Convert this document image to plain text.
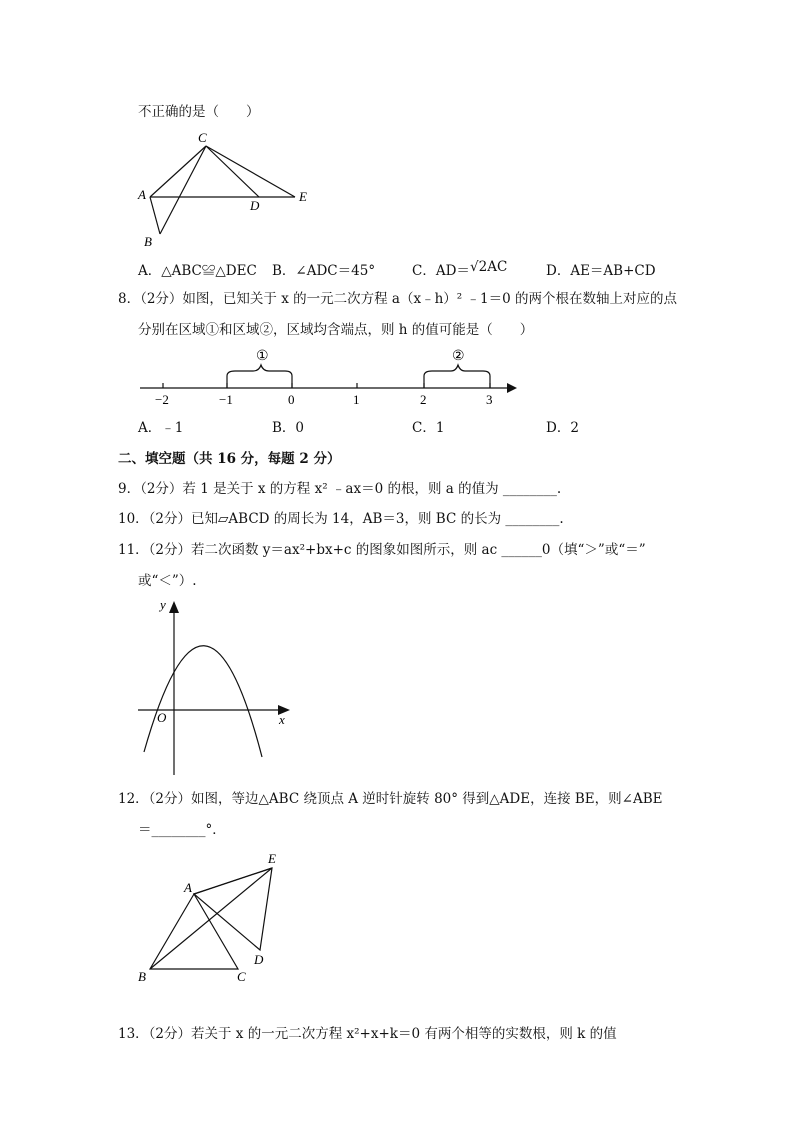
不正确的是（　　）
C
A
D
E
B
A．△ABC≌△DEC B．∠ADC＝45°	C．AD＝ √2AC	D．AE＝AB+CD
8．（2分）如图，已知关于 x 的一元二次方程 a（x﹣h）² ﹣1＝0 的两个根在数轴上对应的点
分别在区域①和区域②，区域均含端点，则 h 的值可能是（　　）
①	②
−2	−1	0	1	2	3
A．﹣1	B．0	C．1	D．2
二、填空题（共 16 分，每题 2 分）
9．（2分）若 1 是关于 x 的方程 x² ﹣ax＝0 的根，则 a 的值为 ________.
10．（2分）已知▱ABCD 的周长为 14，AB＝3，则 BC 的长为 ________.
11．（2分）若二次函数 y＝ax²+bx+c 的图象如图所示，则 ac ______0（填“＞”或“＝”
或“＜”）.
y
x
O
12．（2分）如图，等边△ABC 绕顶点 A 逆时针旋转 80° 得到△ADE，连接 BE，则∠ABE
＝________°．
E
A
D
B	C
13．（2分）若关于 x 的一元二次方程 x²+x+k＝0 有两个相等的实数根，则 k 的值
